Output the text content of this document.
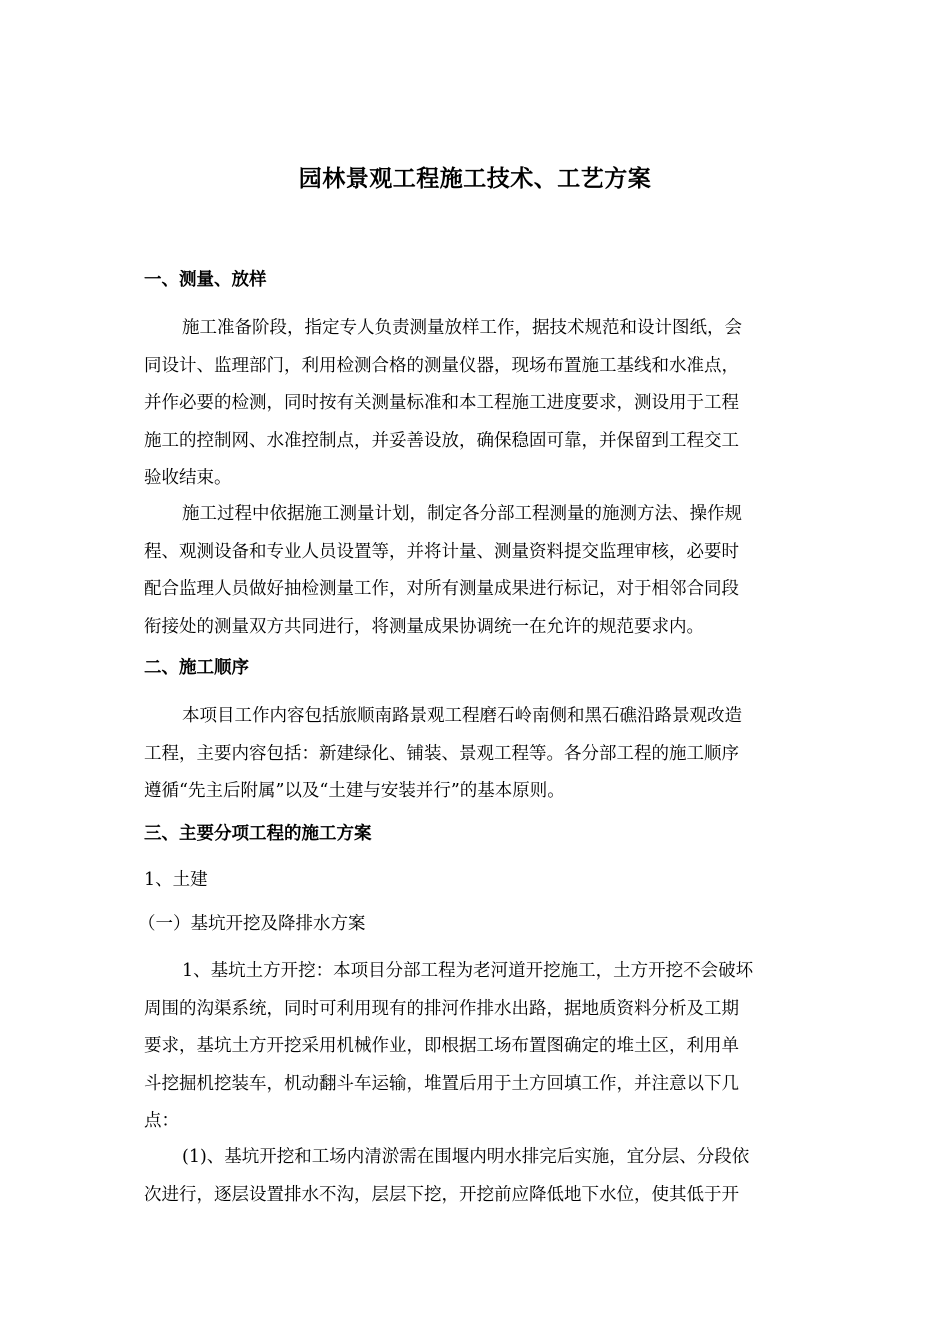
园林景观工程施工技术、工艺方案
一、测量、放样
施工准备阶段，指定专人负责测量放样工作，据技术规范和设计图纸，会
同设计、监理部门，利用检测合格的测量仪器，现场布置施工基线和水准点，
并作必要的检测，同时按有关测量标准和本工程施工进度要求，测设用于工程
施工的控制网、水准控制点，并妥善设放，确保稳固可靠，并保留到工程交工
验收结束。
施工过程中依据施工测量计划，制定各分部工程测量的施测方法、操作规
程、观测设备和专业人员设置等，并将计量、测量资料提交监理审核，必要时
配合监理人员做好抽检测量工作，对所有测量成果进行标记，对于相邻合同段
衔接处的测量双方共同进行，将测量成果协调统一在允许的规范要求内。
二、施工顺序
本项目工作内容包括旅顺南路景观工程磨石岭南侧和黑石礁沿路景观改造
工程，主要内容包括：新建绿化、铺装、景观工程等。各分部工程的施工顺序
遵循“先主后附属”以及“土建与安装并行”的基本原则。
三、主要分项工程的施工方案
1、土建
（一）基坑开挖及降排水方案
1、基坑土方开挖：本项目分部工程为老河道开挖施工，土方开挖不会破坏
周围的沟渠系统，同时可利用现有的排河作排水出路，据地质资料分析及工期
要求，基坑土方开挖采用机械作业，即根据工场布置图确定的堆土区，利用单
斗挖掘机挖装车，机动翻斗车运输，堆置后用于土方回填工作，并注意以下几
点：
(1)、基坑开挖和工场内清淤需在围堰内明水排完后实施，宜分层、分段依
次进行，逐层设置排水不沟，层层下挖，开挖前应降低地下水位，使其低于开
